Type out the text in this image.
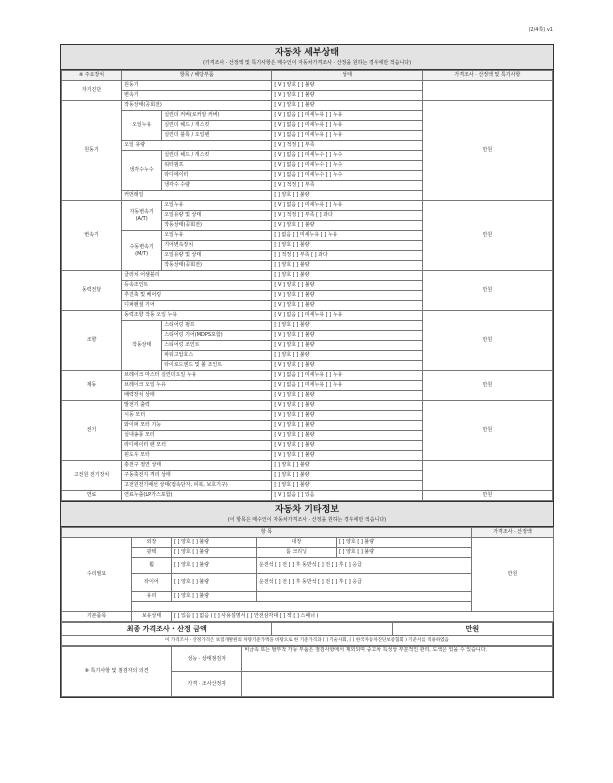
(2/4쪽) v1
자동차 세부상태
(가격조사 · 산정액 및 특기사항은 매수인이 자동차가격조사 · 산정을 원하는 경우에만 적습니다)
※ 주요장치	항목 / 해당부품		상태	가격조사 · 산정액 및 특기사항
자기진단	원동기		[ V ] 양호 [ ] 불량	
	변속기		[ V ] 양호 [ ] 불량	
원동기	작동상태(공회전)		[ V ] 양호 [ ] 불량	만원
	오일누유	실린더 커버(로커암 커버)	[ V ] 없음 [ ] 미세누유 [ ] 누유	
		실린더 헤드 / 개스킷	[ V ] 없음 [ ] 미세누유 [ ] 누유	
		실린더 블록 / 오일팬	[ V ] 없음 [ ] 미세누유 [ ] 누유	
	오일 유량		[ V ] 적정 [ ] 부족	
	냉각수누수	실린더 헤드 / 개스킷	[ V ] 없음 [ ] 미세누수 [ ] 누수	
		워터펌프	[ V ] 없음 [ ] 미세누수 [ ] 누수	
		라디에이터	[ V ] 없음 [ ] 미세누수 [ ] 누수	
		냉각수 수량	[ V ] 적정 [ ] 부족	
	커먼레일		[ ] 양호 [ ] 불량	
변속기	자동변속기 (A/T)	오일누유	[ V ] 없음 [ ] 미세누유 [ ] 누유	만원
		오일유량 및 상태	[ V ] 적정 [ ] 부족 [ ] 과다	
		작동상태(공회전)	[ V ] 양호 [ ] 불량	
	수동변속기 (M/T)	오일누유	[ ] 없음 [ ] 미세누유 [ ] 누유	
		기어변속장치	[ ] 양호 [ ] 불량	
		오일유량 및 상태	[ ] 적정 [ ] 부족 [ ] 과다	
		작동상태(공회전)	[ ] 양호 [ ] 불량	
동력전달	클러치 어셈블리		[ ] 양호 [ ] 불량	만원
	등속조인트		[ V ] 양호 [ ] 불량	
	추진축 및 베어링		[ V ] 양호 [ ] 불량	
	디퍼렌셜 기어		[ V ] 양호 [ ] 불량	
조향	동력조향 작동 오일 누유		[ V ] 없음 [ ] 미세누유 [ ] 누유	만원
	작동상태	스티어링 펌프	[ ] 양호 [ ] 불량	
		스티어링 기어(MDPS포함)	[ V ] 양호 [ ] 불량	
		스티어링 조인트	[ V ] 양호 [ ] 불량	
		파워고압호스	[ ] 양호 [ ] 불량	
		타이로드엔드 및 볼 조인트	[ V ] 양호 [ ] 불량	
제동	브레이크 마스터 실린더오일 누유		[ V ] 없음 [ ] 미세누유 [ ] 누유	만원
	브레이크 오일 누유		[ V ] 없음 [ ] 미세누유 [ ] 누유	
	배력장치 상태		[ V ] 양호 [ ] 불량	
전기	발전기 출력		[ V ] 양호 [ ] 불량	만원
	시동 모터		[ V ] 양호 [ ] 불량	
	와이퍼 모터 기능		[ V ] 양호 [ ] 불량	
	실내송풍 모터		[ V ] 양호 [ ] 불량	
	라디에이터 팬 모터		[ V ] 양호 [ ] 불량	
	윈도우 모터		[ V ] 양호 [ ] 불량	
고전원 전기장치	충전구 절연 상태		[ ] 양호 [ ] 불량	
	구동축전지 격리 상태		[ ] 양호 [ ] 불량	
	고전원전기배선 상태(접속단자, 피복, 보호기구)		[ ] 양호 [ ] 불량	
연료	연료누출(LP가스포함)		[ V ] 없음 [ ] 있음	만원
자동차 기타정보
(이 항목은 매수인이 자동차가격조사 · 산정을 원하는 경우에만 적습니다)
항 목					가격조사 · 산정액
수리필요	외장	[ ] 양호 [ ] 불량	내장	[ ] 양호 [ ] 불량	만원
	광택	[ ] 양호 [ ] 불량	룸 크리닝	[ ] 양호 [ ] 불량	
	휠	[ ] 양호 [ ] 불량	운전석 [ ] 전 [ ] 후 동반석 [ ] 전 [ ] 후 [ ] 응급		
	타이어	[ ] 양호 [ ] 불량	운전석 [ ] 전 [ ] 후 동반석 [ ] 전 [ ] 후 [ ] 응급		
	유리	[ ] 양호 [ ] 불량			

기본품목	보유상태	[ ] 있음 [ ] 없음 ( [ ] 사용설명서 [ ] 안전삼각대 [ ] 잭 [ ] 스패너 )			
최종 가격조사 · 산정 금액		만원
이 가격조사 · 산정가격은 보험개발원의 차량기준가액을 바탕으로 한 기준가격과 [ ] 기술사회, [ ] 한국자동차진단보증협회 ) 기준서를 적용하였음
⑧ 특기사항 및 점검자의 의견	성능 · 상태점검자	비금속 또는 탈부착 가능 부품은 점검사항에서 제외되며 중고차 특성상 부분적인 관리, 도색은 있을 수 있습니다.
	가격 · 조사산정자	
